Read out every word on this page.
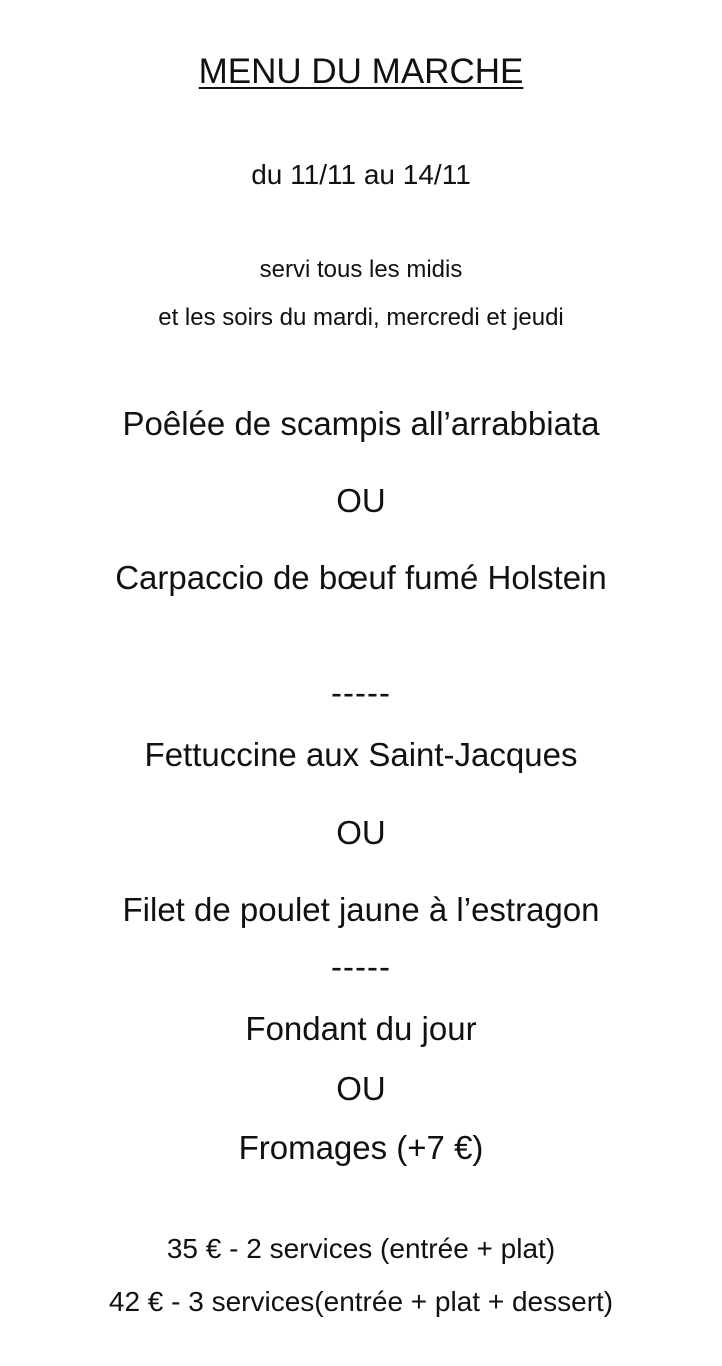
MENU DU MARCHE
du 11/11 au 14/11
servi tous les midis
et les soirs du mardi, mercredi et jeudi
Poêlée de scampis all’arrabbiata
OU
Carpaccio de bœuf fumé Holstein
-----
Fettuccine aux Saint-Jacques
OU
Filet de poulet jaune à l’estragon
-----
Fondant du jour
OU
Fromages (+7 €)
35 € - 2 services (entrée + plat)
42 € - 3 services(entrée + plat + dessert)
